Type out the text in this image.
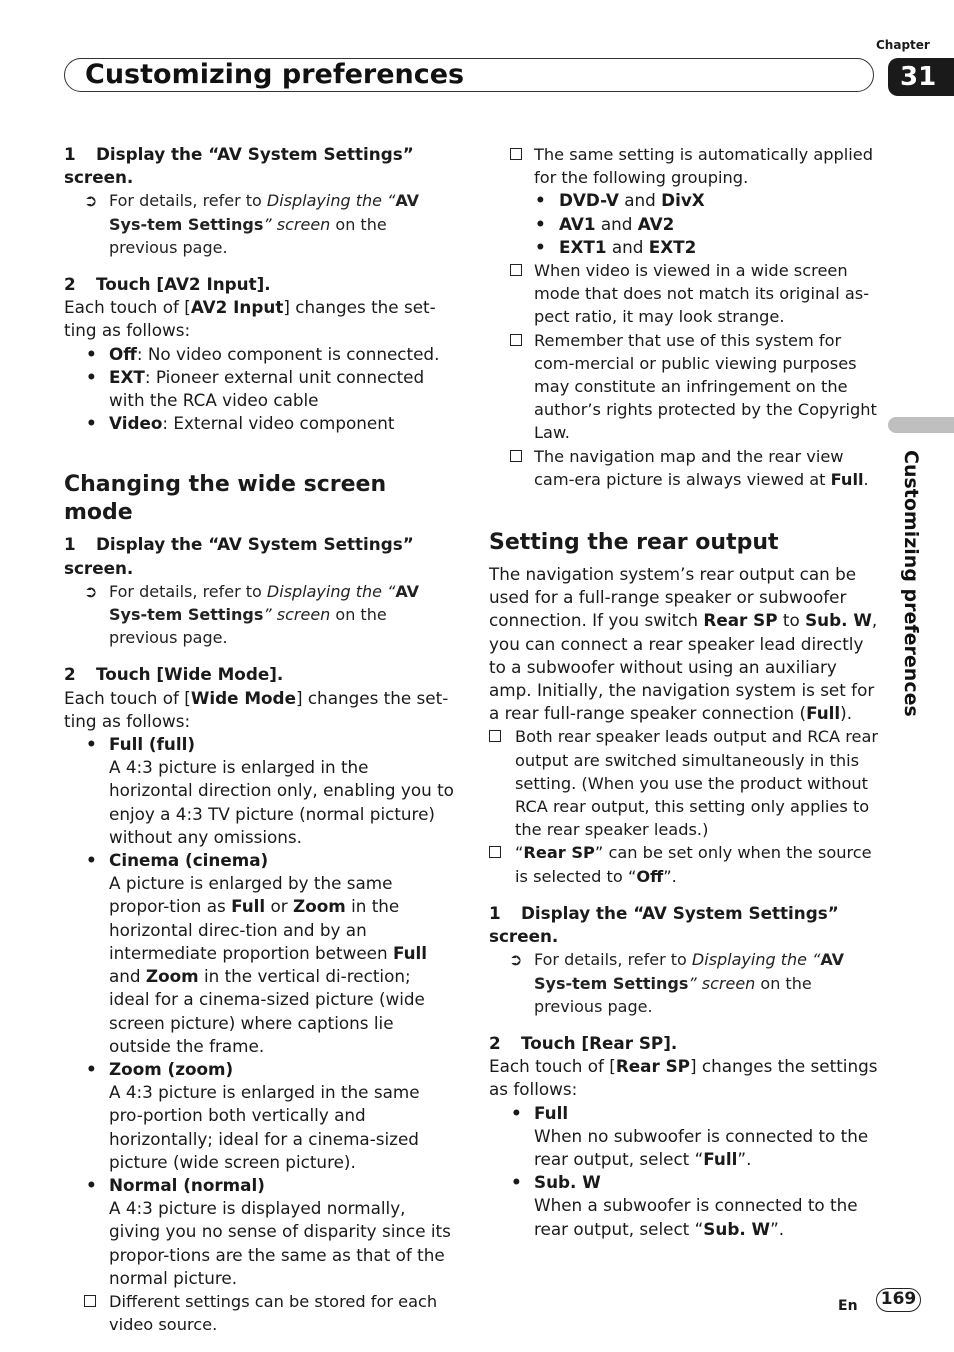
Chapter
Customizing preferences	31
Customizing preferences

1 Display the “AV System Settings” screen.

➲ For details, refer to Displaying the “AV Sys-tem Settings” screen on the previous page.

2 Touch [AV2 Input].

Each touch of [AV2 Input] changes the set-ting as follows:

• Off: No video component is connected.
• EXT: Pioneer external unit connected with the RCA video cable
• Video: External video component
Changing the wide screen mode

1 Display the “AV System Settings” screen.

➲ For details, refer to Displaying the “AV Sys-tem Settings” screen on the previous page.

2 Touch [Wide Mode].

Each touch of [Wide Mode] changes the set-ting as follows:

• Full (full)
A 4:3 picture is enlarged in the horizontal direction only, enabling you to enjoy a 4:3 TV picture (normal picture) without any omissions.
• Cinema (cinema)
A picture is enlarged by the same propor-tion as Full or Zoom in the horizontal direc-tion and by an intermediate proportion between Full and Zoom in the vertical di-rection; ideal for a cinema-sized picture (wide screen picture) where captions lie outside the frame.
• Zoom (zoom)
A 4:3 picture is enlarged in the same pro-portion both vertically and horizontally; ideal for a cinema-sized picture (wide screen picture).
• Normal (normal)
A 4:3 picture is displayed normally, giving you no sense of disparity since its propor-tions are the same as that of the normal picture.
Different settings can be stored for each video source.
The same setting is automatically applied for the following grouping.
• DVD-V and DivX
• AV1 and AV2
• EXT1 and EXT2
When video is viewed in a wide screen mode that does not match its original as-pect ratio, it may look strange.
Remember that use of this system for com-mercial or public viewing purposes may constitute an infringement on the author’s rights protected by the Copyright Law.
The navigation map and the rear view cam-era picture is always viewed at Full.
Setting the rear output

The navigation system’s rear output can be used for a full-range speaker or subwoofer connection. If you switch Rear SP to Sub. W, you can connect a rear speaker lead directly to a subwoofer without using an auxiliary amp. Initially, the navigation system is set for a rear full-range speaker connection (Full).

Both rear speaker leads output and RCA rear output are switched simultaneously in this setting. (When you use the product without RCA rear output, this setting only applies to the rear speaker leads.)
“Rear SP” can be set only when the source is selected to “Off”.

1 Display the “AV System Settings” screen.

➲ For details, refer to Displaying the “AV Sys-tem Settings” screen on the previous page.

2 Touch [Rear SP].

Each touch of [Rear SP] changes the settings as follows:

• Full
When no subwoofer is connected to the rear output, select “Full”.
• Sub. W
When a subwoofer is connected to the rear output, select “Sub. W”.
En 169
